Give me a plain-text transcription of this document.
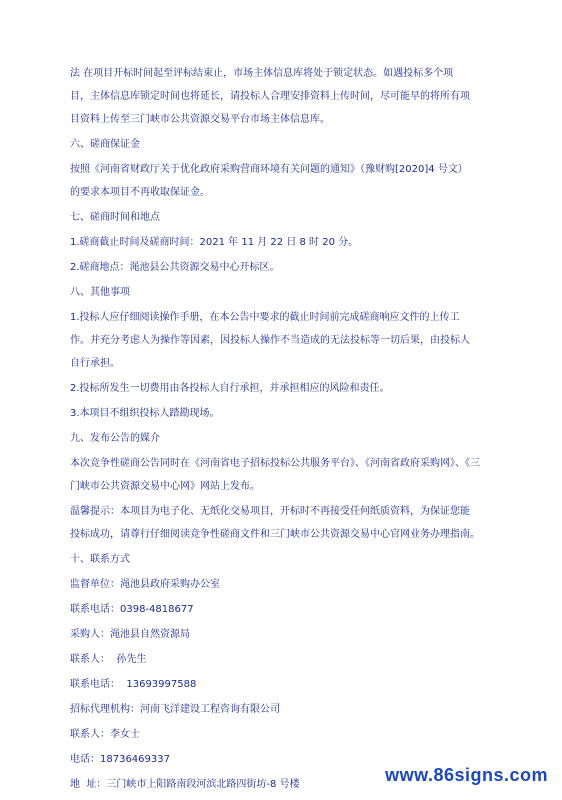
法 在项目开标时间起至评标结束止，市场主体信息库将处于锁定状态。如遇投标多个项
目，主体信息库锁定时间也将延长，请投标人合理安排资料上传时间，尽可能早的将所有项
目资料上传至三门峡市公共资源交易平台市场主体信息库。
六、磋商保证金
按照《河南省财政厅关于优化政府采购营商环境有关问题的通知》（豫财购[2020]4 号文）
的要求本项目不再收取保证金。
七、磋商时间和地点
1.磋商截止时间及磋商时间：2021 年 11 月 22 日 8 时 20 分。
2.磋商地点：渑池县公共资源交易中心开标区。
八、其他事项
1.投标人应仔细阅读操作手册，在本公告中要求的截止时间前完成磋商响应文件的上传工
作。并充分考虑人为操作等因素，因投标人操作不当造成的无法投标等一切后果，由投标人
自行承担。
2.投标所发生一切费用由各投标人自行承担，并承担相应的风险和责任。
3.本项目不组织投标人踏勘现场。
九、发布公告的媒介
本次竞争性磋商公告同时在《河南省电子招标投标公共服务平台》、《河南省政府采购网》、《三
门峡市公共资源交易中心网》网站上发布。
温馨提示：本项目为电子化、无纸化交易项目，开标时不再接受任何纸质资料，为保证您能
投标成功，请尊行仔细阅读竞争性磋商文件和三门峡市公共资源交易中心官网业务办理指南。
十、联系方式
监督单位：渑池县政府采购办公室
联系电话：0398-4818677
采购人：渑池县自然资源局
联系人：  孙先生
联系电话：  13693997588
招标代理机构：河南飞洋建设工程咨询有限公司
联系人：李女士
电话：18736469337
地  址：三门峡市上阳路南段河滨北路四街坊-8 号楼	www.86signs.com
